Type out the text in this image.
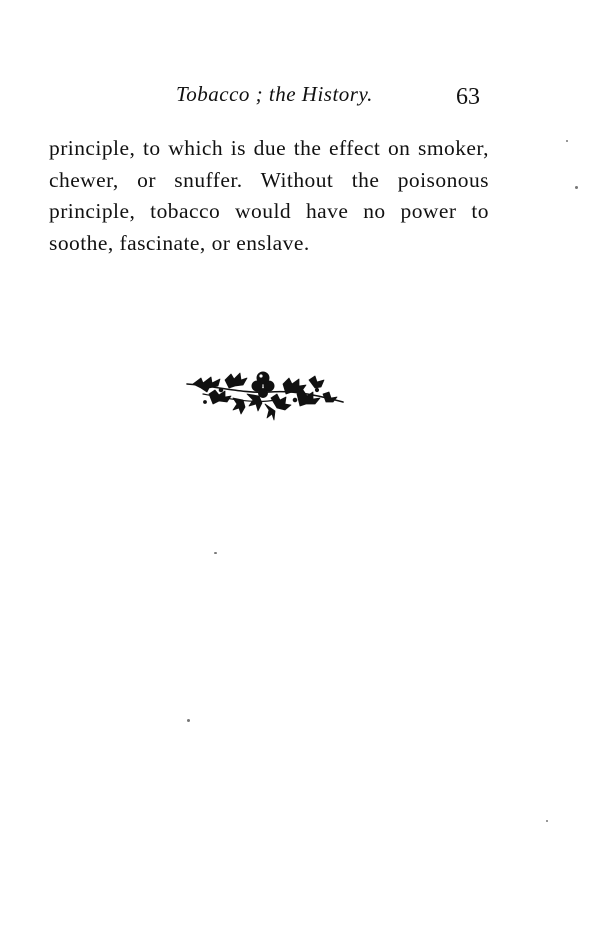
Tobacco ; the History.	63
principle, to which is due the effect on smoker,
chewer, or snuffer. Without the poisonous
principle, tobacco would have no power to
soothe, fascinate, or enslave.
